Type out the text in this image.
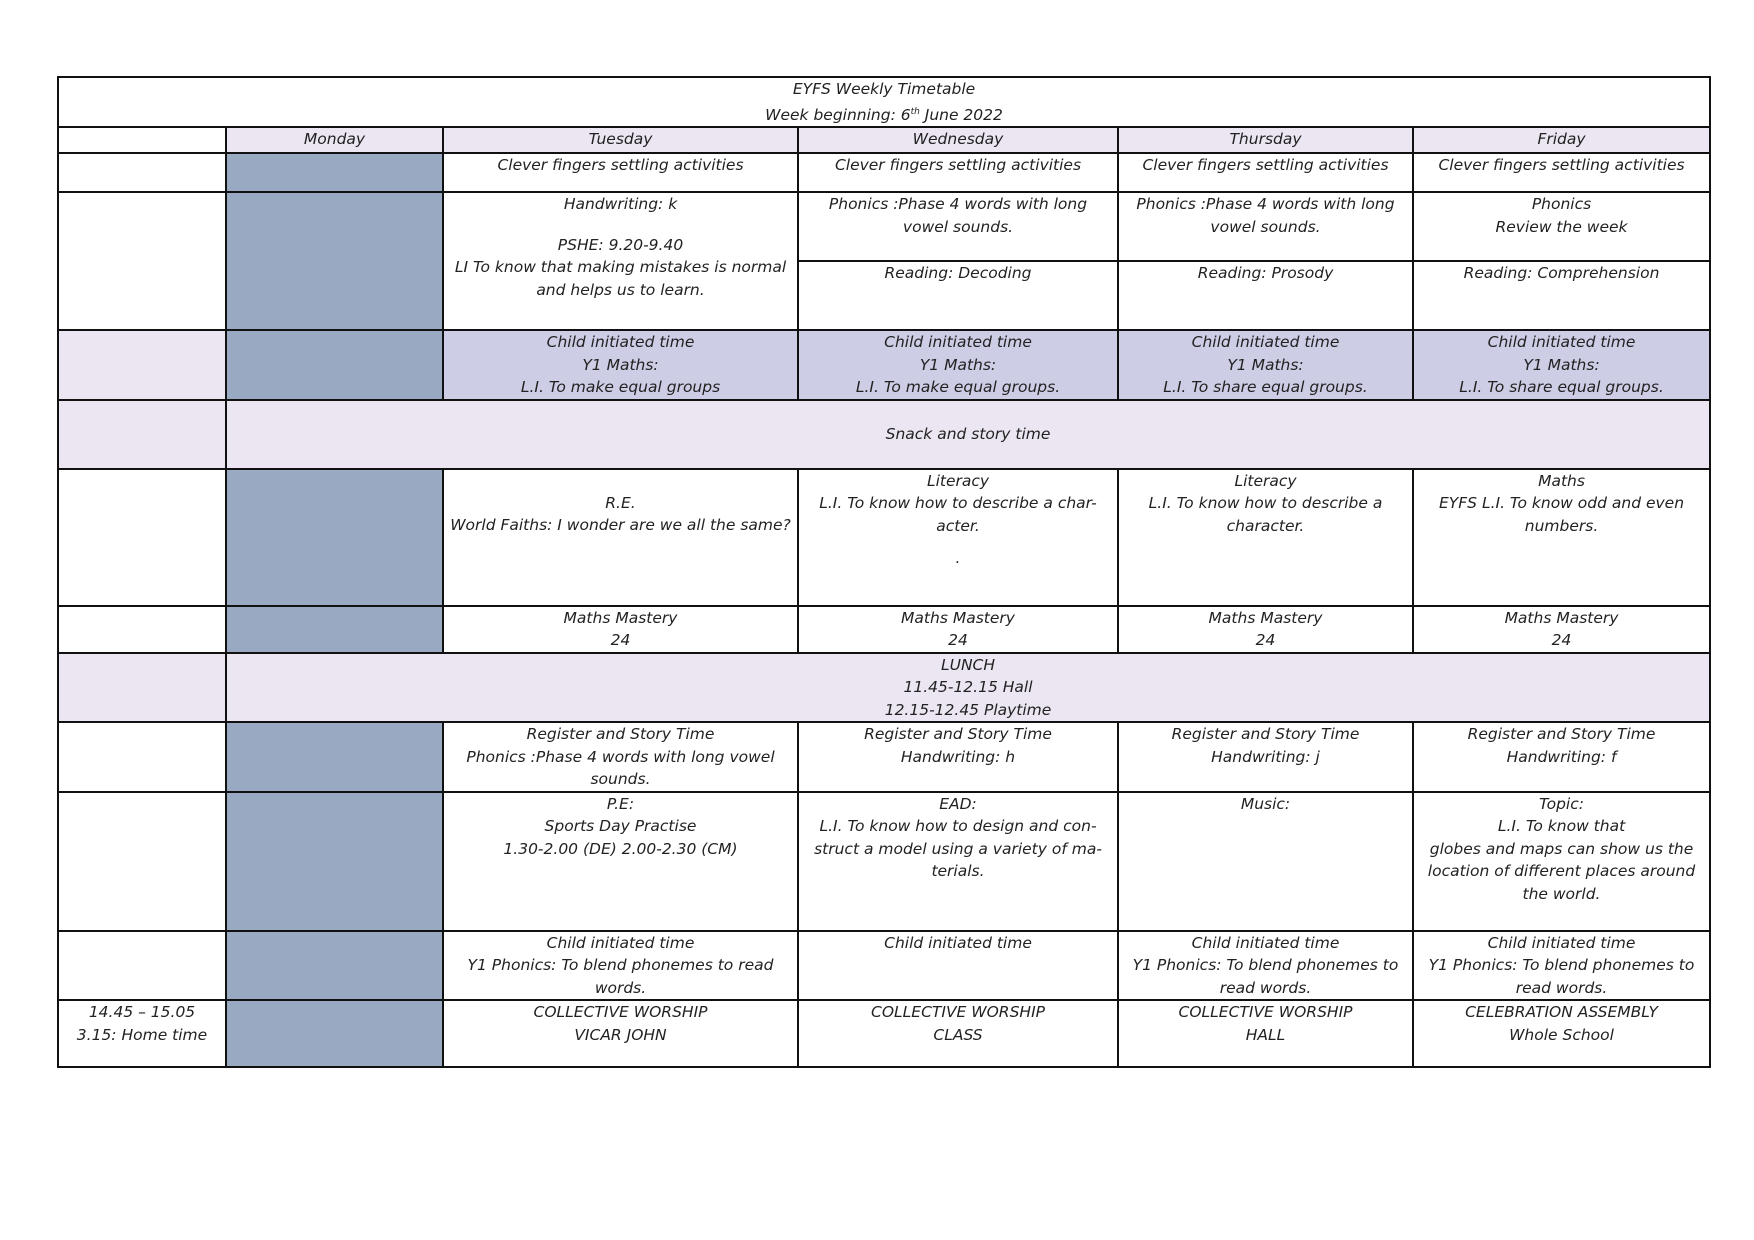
EYFS Weekly Timetable
Week beginning: 6th June 2022					

	Monday	Tuesday	Wednesday	Thursday	Friday
		Clever fingers settling activities	Clever fingers settling activities	Clever fingers settling activities	Clever fingers settling activities

		Handwriting: k
PSHE: 9.20-9.40
LI To know that making mistakes is normal and helps us to learn.	Phonics :Phase 4 words with long vowel sounds.	Phonics :Phase 4 words with long vowel sounds.	Phonics
Review the week

			Reading: Decoding	Reading: Prosody	Reading: Comprehension

		Child initiated time
Y1 Maths:
L.I. To make equal groups	Child initiated time
Y1 Maths:
L.I. To make equal groups.	Child initiated time
Y1 Maths:
L.I. To share equal groups.	Child initiated time
Y1 Maths:
L.I. To share equal groups.

	Snack and story time				

		R.E.
World Faiths: I wonder are we all the same?	Literacy
L.I. To know how to describe a char-acter.
.	Literacy
L.I. To know how to describe a character.	Maths
EYFS L.I. To know odd and even numbers.

		Maths Mastery
24	Maths Mastery
24	Maths Mastery
24	Maths Mastery
24

	LUNCH
11.45-12.15 Hall
12.15-12.45 Playtime				

		Register and Story Time
Phonics :Phase 4 words with long vowel sounds.	Register and Story Time
Handwriting: h	Register and Story Time
Handwriting: j	Register and Story Time
Handwriting: f

		P.E:
Sports Day Practise
1.30-2.00 (DE) 2.00-2.30 (CM)	EAD:
L.I. To know how to design and con-struct a model using a variety of ma-terials.	Music:	Topic:
L.I. To know that
globes and maps can show us the location of different places around the world.

		Child initiated time
Y1 Phonics: To blend phonemes to read words.	Child initiated time	Child initiated time
Y1 Phonics: To blend phonemes to read words.	Child initiated time
Y1 Phonics: To blend phonemes to read words.

14.45 – 15.05
3.15: Home time		COLLECTIVE WORSHIP
VICAR JOHN	COLLECTIVE WORSHIP
CLASS	COLLECTIVE WORSHIP
HALL	CELEBRATION ASSEMBLY
Whole School
